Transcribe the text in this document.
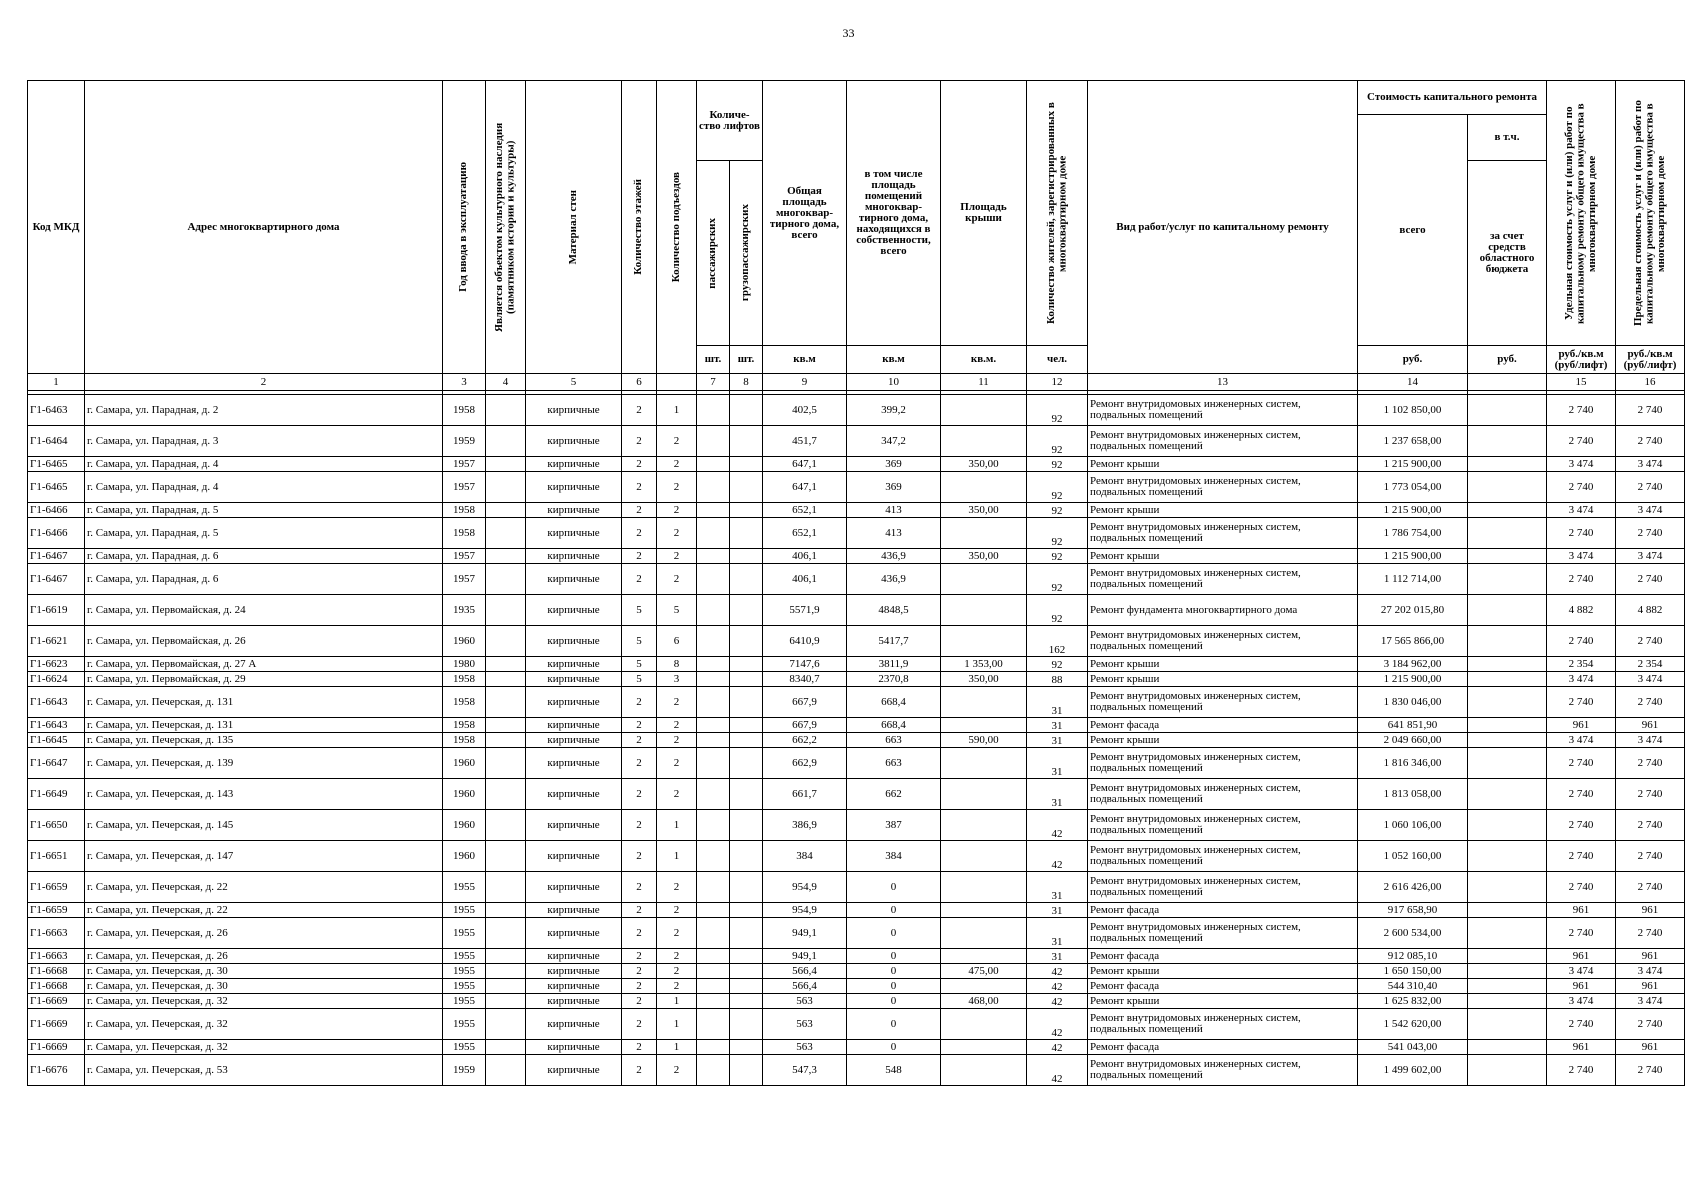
33
Код МКД	Адрес многоквартирного дома	Год ввода в эксплуатацию	Является объектом культурного наследия (памятником истории и культуры)	Материал стен	Количество этажей	Количество подъездов	Количе-ство лифтов		Общая площадь многоквар-тирного дома, всего	в том числе площадь помещений многоквар-тирного дома, находящихся в собственности, всего	Площадь крыши	Количество жителей, зарегистрированных в многоквартирном доме	Вид работ/услуг по капитальному ремонту	Стоимость капитального ремонта		Удельная стоимость услуг и (или) работ по капитальному ремонту общего имущества в многоквартирном доме	Предельная стоимость услуг и (или) работ по капитальному ремонту общего имущества в многоквартирном доме

														всего	в т.ч.		

							пассажирских	грузопассажирских							за счет средств областного бюджета		
							шт.	шт.	кв.м	кв.м	кв.м.	чел.		руб.	руб.	руб./кв.м (руб/лифт)	руб./кв.м (руб/лифт)
1	2	3	4	5	6		7	8	9	10	11	12	13	14		15	16

Г1-6463	г. Самара, ул. Парадная, д. 2	1958		кирпичные	2	1			402,5	399,2		92	Ремонт внутридомовых инженерных систем, подвальных помещений	1 102 850,00		2 740	2 740
Г1-6464	г. Самара, ул. Парадная, д. 3	1959		кирпичные	2	2			451,7	347,2		92	Ремонт внутридомовых инженерных систем, подвальных помещений	1 237 658,00		2 740	2 740
Г1-6465	г. Самара, ул. Парадная, д. 4	1957		кирпичные	2	2			647,1	369	350,00	92	Ремонт крыши	1 215 900,00		3 474	3 474
Г1-6465	г. Самара, ул. Парадная, д. 4	1957		кирпичные	2	2			647,1	369		92	Ремонт внутридомовых инженерных систем, подвальных помещений	1 773 054,00		2 740	2 740
Г1-6466	г. Самара, ул. Парадная, д. 5	1958		кирпичные	2	2			652,1	413	350,00	92	Ремонт крыши	1 215 900,00		3 474	3 474
Г1-6466	г. Самара, ул. Парадная, д. 5	1958		кирпичные	2	2			652,1	413		92	Ремонт внутридомовых инженерных систем, подвальных помещений	1 786 754,00		2 740	2 740
Г1-6467	г. Самара, ул. Парадная, д. 6	1957		кирпичные	2	2			406,1	436,9	350,00	92	Ремонт крыши	1 215 900,00		3 474	3 474
Г1-6467	г. Самара, ул. Парадная, д. 6	1957		кирпичные	2	2			406,1	436,9		92	Ремонт внутридомовых инженерных систем, подвальных помещений	1 112 714,00		2 740	2 740
Г1-6619	г. Самара, ул. Первомайская, д. 24	1935		кирпичные	5	5			5571,9	4848,5		92	Ремонт фундамента многоквартирного дома	27 202 015,80		4 882	4 882
Г1-6621	г. Самара, ул. Первомайская, д. 26	1960		кирпичные	5	6			6410,9	5417,7		162	Ремонт внутридомовых инженерных систем, подвальных помещений	17 565 866,00		2 740	2 740
Г1-6623	г. Самара, ул. Первомайская, д. 27 А	1980		кирпичные	5	8			7147,6	3811,9	1 353,00	92	Ремонт крыши	3 184 962,00		2 354	2 354
Г1-6624	г. Самара, ул. Первомайская, д. 29	1958		кирпичные	5	3			8340,7	2370,8	350,00	88	Ремонт крыши	1 215 900,00		3 474	3 474
Г1-6643	г. Самара, ул. Печерская, д. 131	1958		кирпичные	2	2			667,9	668,4		31	Ремонт внутридомовых инженерных систем, подвальных помещений	1 830 046,00		2 740	2 740
Г1-6643	г. Самара, ул. Печерская, д. 131	1958		кирпичные	2	2			667,9	668,4		31	Ремонт фасада	641 851,90		961	961
Г1-6645	г. Самара, ул. Печерская, д. 135	1958		кирпичные	2	2			662,2	663	590,00	31	Ремонт крыши	2 049 660,00		3 474	3 474
Г1-6647	г. Самара, ул. Печерская, д. 139	1960		кирпичные	2	2			662,9	663		31	Ремонт внутридомовых инженерных систем, подвальных помещений	1 816 346,00		2 740	2 740
Г1-6649	г. Самара, ул. Печерская, д. 143	1960		кирпичные	2	2			661,7	662		31	Ремонт внутридомовых инженерных систем, подвальных помещений	1 813 058,00		2 740	2 740
Г1-6650	г. Самара, ул. Печерская, д. 145	1960		кирпичные	2	1			386,9	387		42	Ремонт внутридомовых инженерных систем, подвальных помещений	1 060 106,00		2 740	2 740
Г1-6651	г. Самара, ул. Печерская, д. 147	1960		кирпичные	2	1			384	384		42	Ремонт внутридомовых инженерных систем, подвальных помещений	1 052 160,00		2 740	2 740
Г1-6659	г. Самара, ул. Печерская, д. 22	1955		кирпичные	2	2			954,9	0		31	Ремонт внутридомовых инженерных систем, подвальных помещений	2 616 426,00		2 740	2 740
Г1-6659	г. Самара, ул. Печерская, д. 22	1955		кирпичные	2	2			954,9	0		31	Ремонт фасада	917 658,90		961	961
Г1-6663	г. Самара, ул. Печерская, д. 26	1955		кирпичные	2	2			949,1	0		31	Ремонт внутридомовых инженерных систем, подвальных помещений	2 600 534,00		2 740	2 740
Г1-6663	г. Самара, ул. Печерская, д. 26	1955		кирпичные	2	2			949,1	0		31	Ремонт фасада	912 085,10		961	961
Г1-6668	г. Самара, ул. Печерская, д. 30	1955		кирпичные	2	2			566,4	0	475,00	42	Ремонт крыши	1 650 150,00		3 474	3 474
Г1-6668	г. Самара, ул. Печерская, д. 30	1955		кирпичные	2	2			566,4	0		42	Ремонт фасада	544 310,40		961	961
Г1-6669	г. Самара, ул. Печерская, д. 32	1955		кирпичные	2	1			563	0	468,00	42	Ремонт крыши	1 625 832,00		3 474	3 474
Г1-6669	г. Самара, ул. Печерская, д. 32	1955		кирпичные	2	1			563	0		42	Ремонт внутридомовых инженерных систем, подвальных помещений	1 542 620,00		2 740	2 740
Г1-6669	г. Самара, ул. Печерская, д. 32	1955		кирпичные	2	1			563	0		42	Ремонт фасада	541 043,00		961	961
Г1-6676	г. Самара, ул. Печерская, д. 53	1959		кирпичные	2	2			547,3	548		42	Ремонт внутридомовых инженерных систем, подвальных помещений	1 499 602,00		2 740	2 740
